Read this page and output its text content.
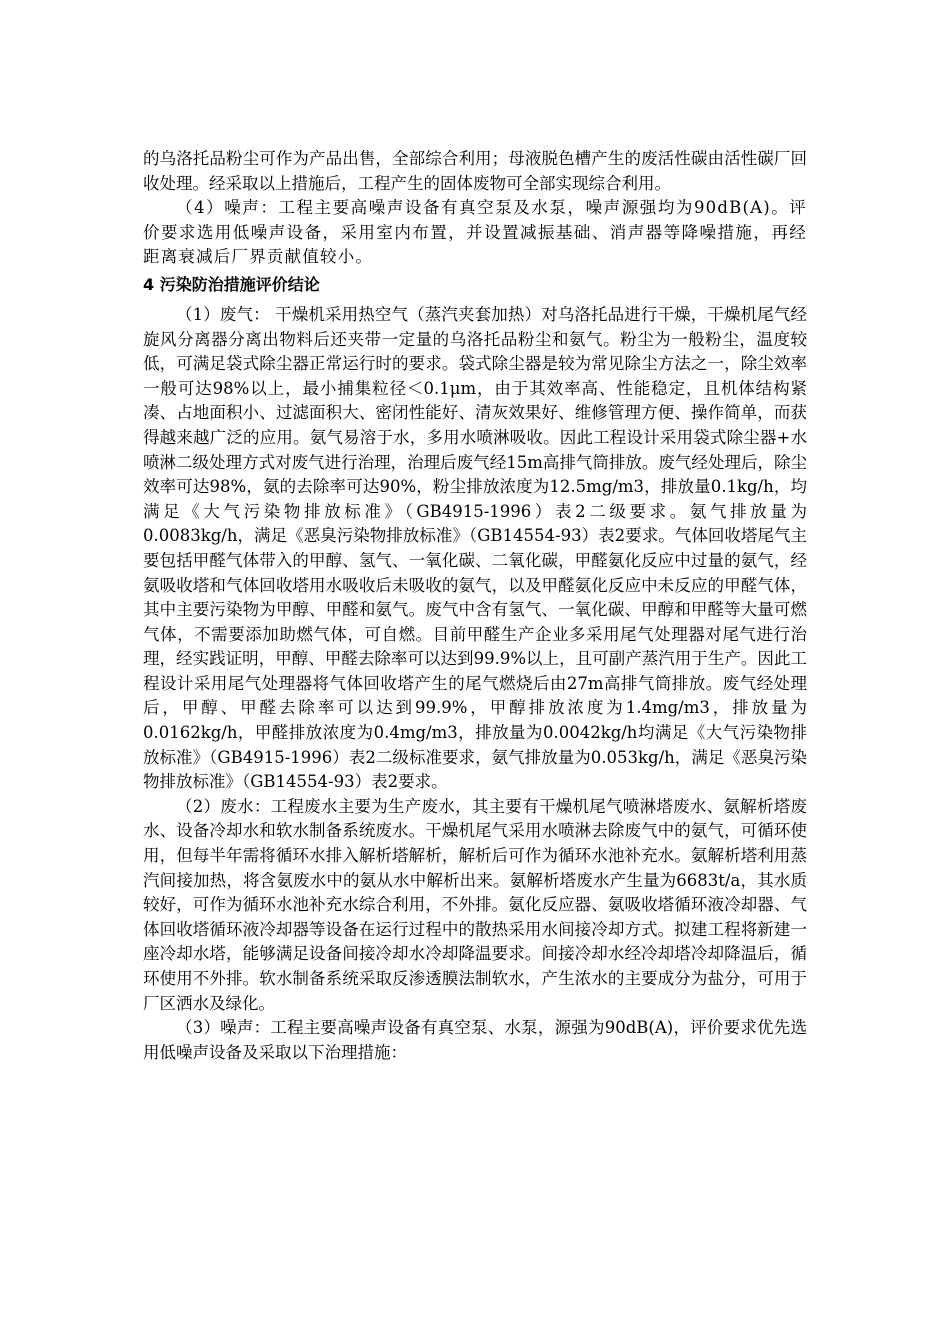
的乌洛托品粉尘可作为产品出售，全部综合利用；母液脱色槽产生的废活性碳由活性碳厂回收处理。经采取以上措施后，工程产生的固体废物可全部实现综合利用。

（4）噪声：工程主要高噪声设备有真空泵及水泵，噪声源强均为90dB(A)。评价要求选用低噪声设备，采用室内布置，并设置减振基础、消声器等降噪措施，再经距离衰减后厂界贡献值较小。

4 污染防治措施评价结论

（1）废气： 干燥机采用热空气（蒸汽夹套加热）对乌洛托品进行干燥，干燥机尾气经旋风分离器分离出物料后还夹带一定量的乌洛托品粉尘和氨气。粉尘为一般粉尘，温度较低，可满足袋式除尘器正常运行时的要求。袋式除尘器是较为常见除尘方法之一，除尘效率一般可达98%以上，最小捕集粒径＜0.1μm，由于其效率高、性能稳定，且机体结构紧凑、占地面积小、过滤面积大、密闭性能好、清灰效果好、维修管理方便、操作简单，而获得越来越广泛的应用。氨气易溶于水，多用水喷淋吸收。因此工程设计采用袋式除尘器+水喷淋二级处理方式对废气进行治理，治理后废气经15m高排气筒排放。废气经处理后，除尘效率可达98%，氨的去除率可达90%，粉尘排放浓度为12.5mg/m3，排放量0.1kg/h，均满足《大气污染物排放标准》（GB4915-1996）表2二级要求。氨气排放量为0.0083kg/h，满足《恶臭污染物排放标准》（GB14554-93）表2要求。气体回收塔尾气主要包括甲醛气体带入的甲醇、氢气、一氧化碳、二氧化碳，甲醛氨化反应中过量的氨气，经氨吸收塔和气体回收塔用水吸收后未吸收的氨气，以及甲醛氨化反应中未反应的甲醛气体，其中主要污染物为甲醇、甲醛和氨气。废气中含有氢气、一氧化碳、甲醇和甲醛等大量可燃气体，不需要添加助燃气体，可自燃。目前甲醛生产企业多采用尾气处理器对尾气进行治理，经实践证明，甲醇、甲醛去除率可以达到99.9%以上，且可副产蒸汽用于生产。因此工程设计采用尾气处理器将气体回收塔产生的尾气燃烧后由27m高排气筒排放。废气经处理后，甲醇、甲醛去除率可以达到99.9%，甲醇排放浓度为1.4mg/m3，排放量为0.0162kg/h，甲醛排放浓度为0.4mg/m3，排放量为0.0042kg/h均满足《大气污染物排放标准》（GB4915-1996）表2二级标准要求，氨气排放量为0.053kg/h，满足《恶臭污染物排放标准》（GB14554-93）表2要求。

（2）废水：工程废水主要为生产废水，其主要有干燥机尾气喷淋塔废水、氨解析塔废水、设备冷却水和软水制备系统废水。干燥机尾气采用水喷淋去除废气中的氨气，可循环使用，但每半年需将循环水排入解析塔解析，解析后可作为循环水池补充水。氨解析塔利用蒸汽间接加热，将含氨废水中的氨从水中解析出来。氨解析塔废水产生量为6683t/a，其水质较好，可作为循环水池补充水综合利用，不外排。氨化反应器、氨吸收塔循环液冷却器、气体回收塔循环液冷却器等设备在运行过程中的散热采用水间接冷却方式。拟建工程将新建一座冷却水塔，能够满足设备间接冷却水冷却降温要求。间接冷却水经冷却塔冷却降温后，循环使用不外排。软水制备系统采取反渗透膜法制软水，产生浓水的主要成分为盐分，可用于厂区洒水及绿化。

（3）噪声：工程主要高噪声设备有真空泵、水泵，源强为90dB(A)，评价要求优先选用低噪声设备及采取以下治理措施：
